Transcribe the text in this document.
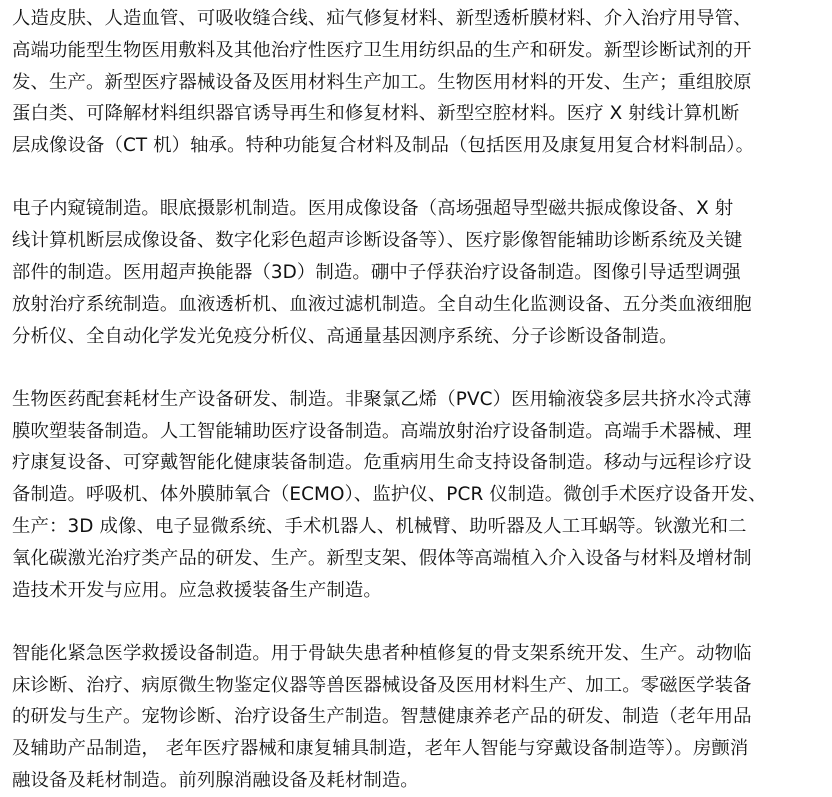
人造皮肤、人造血管、可吸收缝合线、疝气修复材料、新型透析膜材料、介入治疗用导管、
高端功能型生物医用敷料及其他治疗性医疗卫生用纺织品的生产和研发。新型诊断试剂的开
发、生产。新型医疗器械设备及医用材料生产加工。生物医用材料的开发、生产；重组胶原
蛋白类、可降解材料组织器官诱导再生和修复材料、新型空腔材料。医疗 X 射线计算机断
层成像设备（CT 机）轴承。特种功能复合材料及制品（包括医用及康复用复合材料制品）。
电子内窥镜制造。眼底摄影机制造。医用成像设备（高场强超导型磁共振成像设备、X 射
线计算机断层成像设备、数字化彩色超声诊断设备等）、医疗影像智能辅助诊断系统及关键
部件的制造。医用超声换能器（3D）制造。硼中子俘获治疗设备制造。图像引导适型调强
放射治疗系统制造。血液透析机、血液过滤机制造。全自动生化监测设备、五分类血液细胞
分析仪、全自动化学发光免疫分析仪、高通量基因测序系统、分子诊断设备制造。
生物医药配套耗材生产设备研发、制造。非聚氯乙烯（PVC）医用输液袋多层共挤水冷式薄
膜吹塑装备制造。人工智能辅助医疗设备制造。高端放射治疗设备制造。高端手术器械、理
疗康复设备、可穿戴智能化健康装备制造。危重病用生命支持设备制造。移动与远程诊疗设
备制造。呼吸机、体外膜肺氧合（ECMO）、监护仪、PCR 仪制造。微创手术医疗设备开发、
生产：3D 成像、电子显微系统、手术机器人、机械臂、助听器及人工耳蜗等。钬激光和二
氧化碳激光治疗类产品的研发、生产。新型支架、假体等高端植入介入设备与材料及增材制
造技术开发与应用。应急救援装备生产制造。
智能化紧急医学救援设备制造。用于骨缺失患者种植修复的骨支架系统开发、生产。动物临
床诊断、治疗、病原微生物鉴定仪器等兽医器械设备及医用材料生产、加工。零磁医学装备
的研发与生产。宠物诊断、治疗设备生产制造。智慧健康养老产品的研发、制造（老年用品
及辅助产品制造， 老年医疗器械和康复辅具制造，老年人智能与穿戴设备制造等）。房颤消
融设备及耗材制造。前列腺消融设备及耗材制造。
